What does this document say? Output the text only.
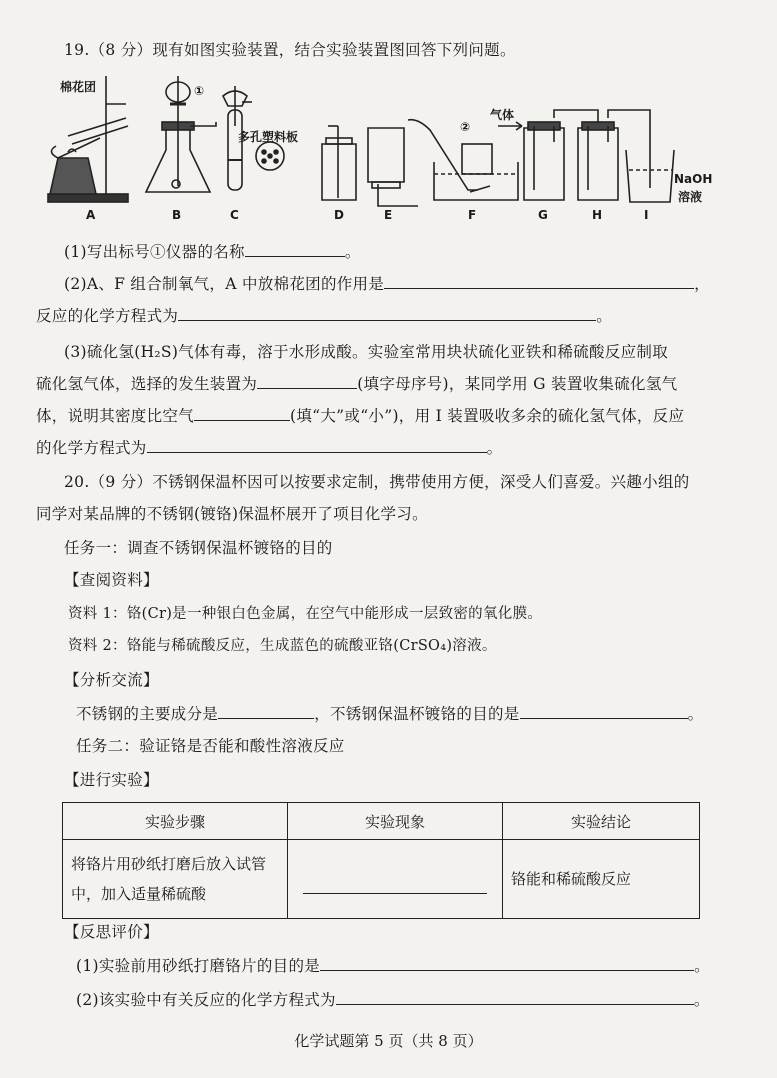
19.（8 分）现有如图实验装置，结合实验装置图回答下列问题。
棉花团	①
多孔塑料板
②
气体
NaOH
溶液
A	B	C	D	E	F	G	H	I
(1)写出标号①仪器的名称	。
(2)A、F 组合制氧气，A 中放棉花团的作用是	，
反应的化学方程式为	。
(3)硫化氢(H₂S)气体有毒，溶于水形成酸。实验室常用块状硫化亚铁和稀硫酸反应制取
硫化氢气体，选择的发生装置为	(填字母序号)，某同学用 G 装置收集硫化氢气
体，说明其密度比空气	(填“大”或“小”)，用 I 装置吸收多余的硫化氢气体，反应
的化学方程式为	。
20.（9 分）不锈钢保温杯因可以按要求定制，携带使用方便，深受人们喜爱。兴趣小组的
同学对某品牌的不锈钢(镀铬)保温杯展开了项目化学习。
任务一：调查不锈钢保温杯镀铬的目的
【查阅资料】
资料 1：铬(Cr)是一种银白色金属，在空气中能形成一层致密的氧化膜。
资料 2：铬能与稀硫酸反应，生成蓝色的硫酸亚铬(CrSO₄)溶液。
【分析交流】
不锈钢的主要成分是	，不锈钢保温杯镀铬的目的是	。
任务二：验证铬是否能和酸性溶液反应
【进行实验】
实验步骤	实验现象	实验结论
将铬片用砂纸打磨后放入试管中，加入适量稀硫酸		铬能和稀硫酸反应
【反思评价】
(1)实验前用砂纸打磨铬片的目的是	。
(2)该实验中有关反应的化学方程式为	。
化学试题第 5 页（共 8 页）
